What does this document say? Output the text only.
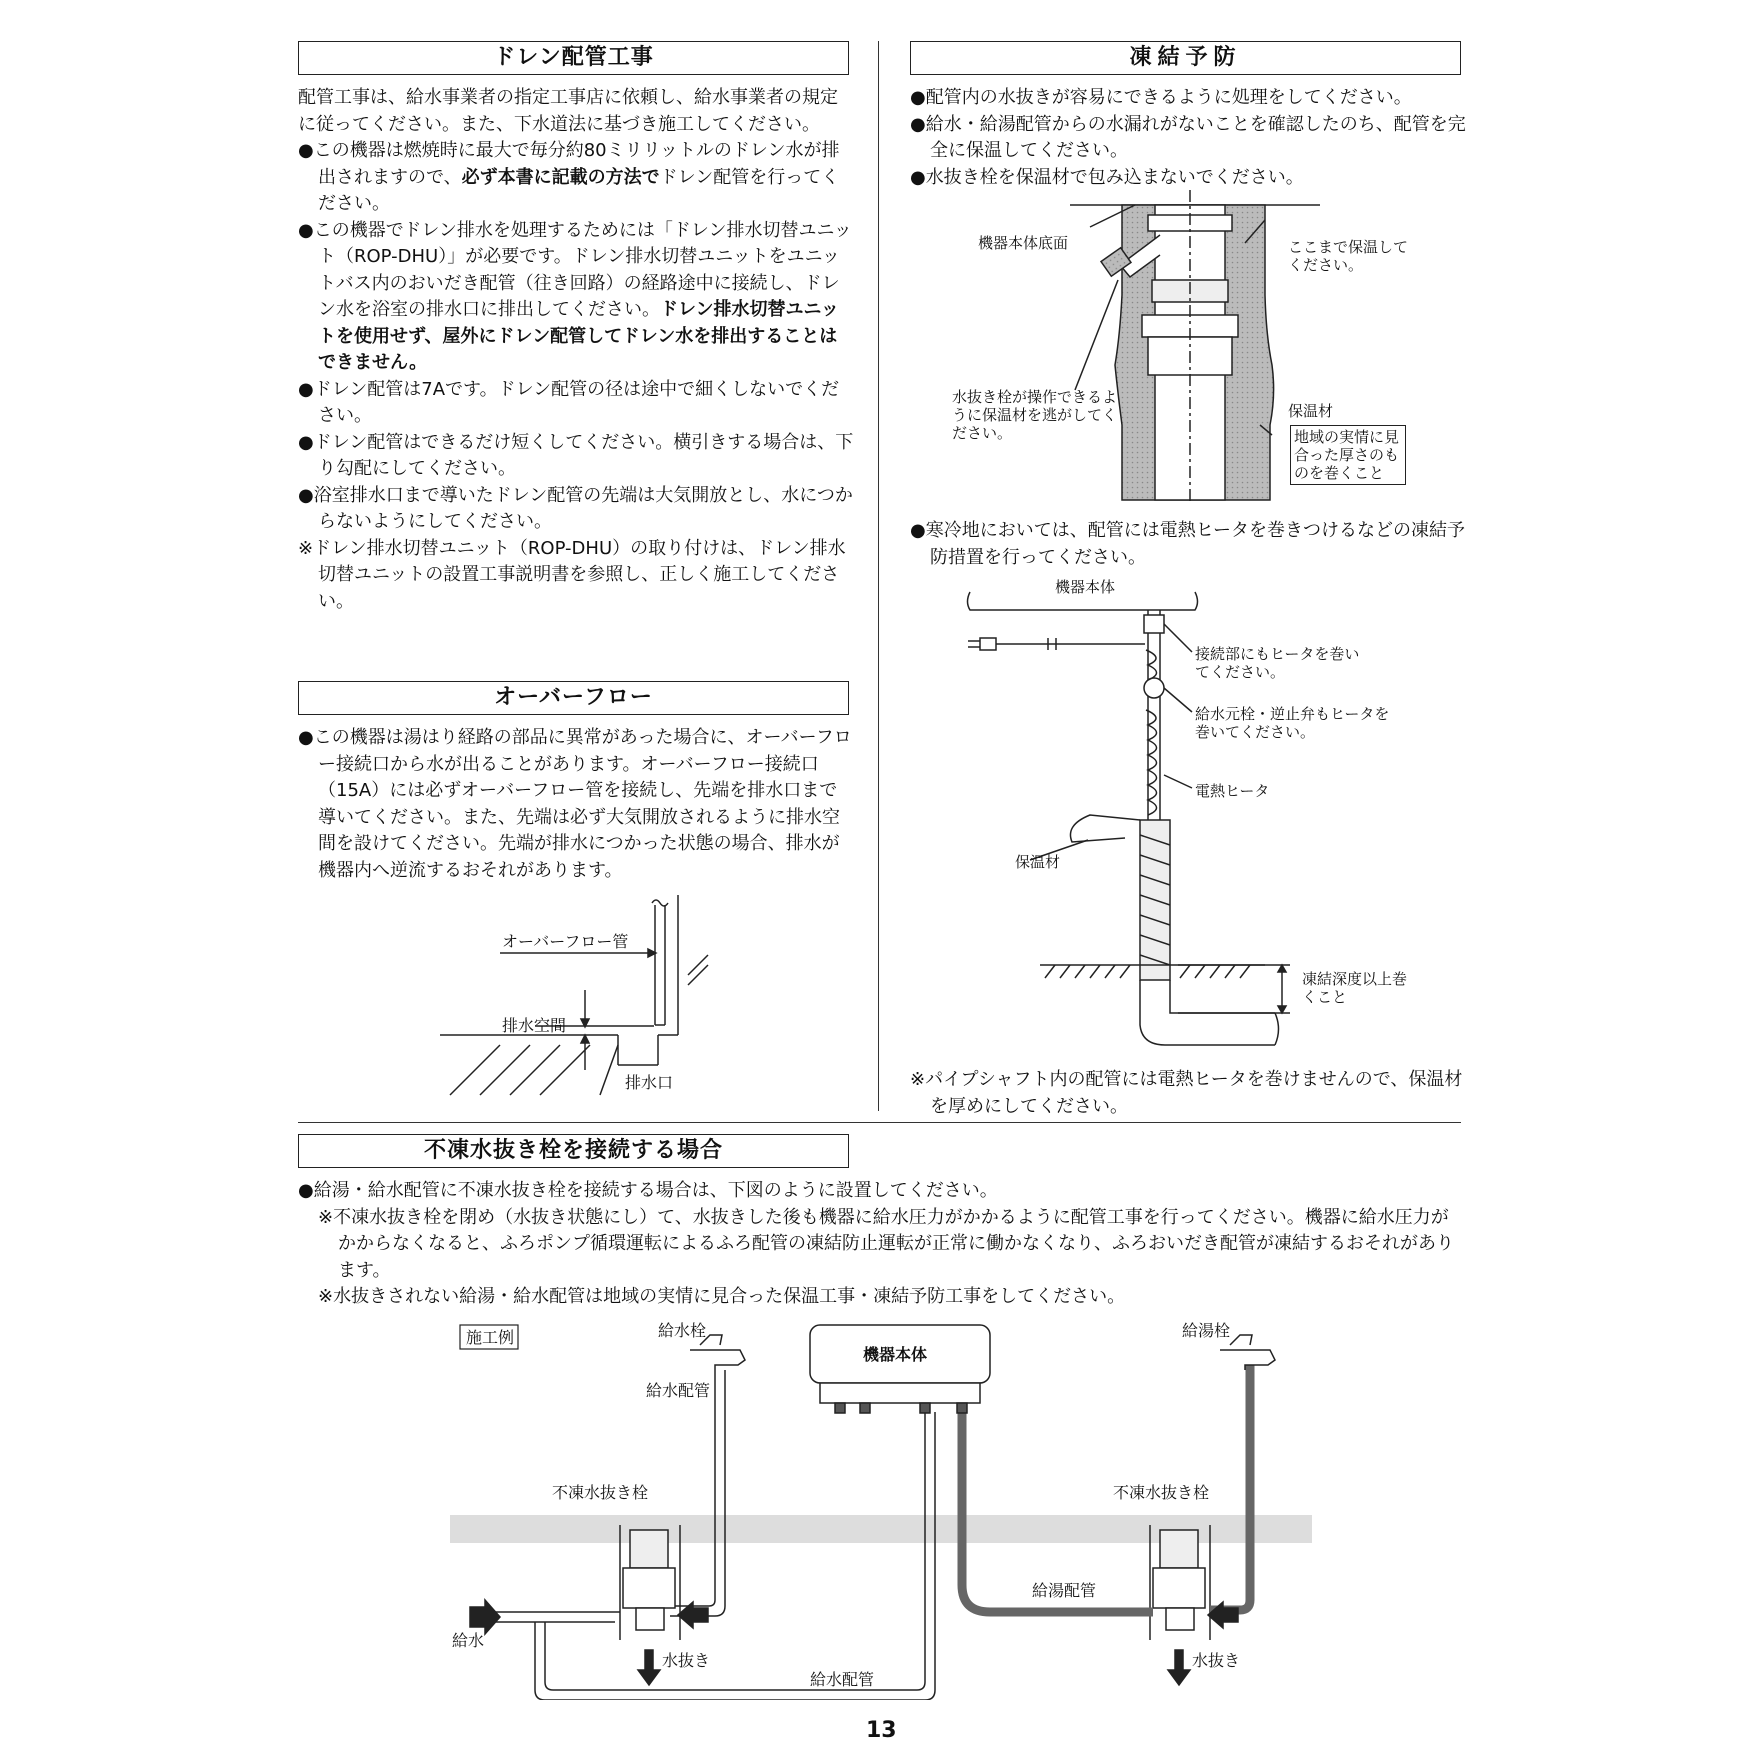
ドレン配管工事

配管工事は、給水事業者の指定工事店に依頼し、給水事業者の規定に従ってください。また、下水道法に基づき施工してください。

●この機器は燃焼時に最大で毎分約80ミリリットルのドレン水が排出されますので、必ず本書に記載の方法でドレン配管を行ってください。

●この機器でドレン排水を処理するためには「ドレン排水切替ユニット（ROP-DHU）」が必要です。ドレン排水切替ユニットをユニットバス内のおいだき配管（往き回路）の経路途中に接続し、ドレン水を浴室の排水口に排出してください。ドレン排水切替ユニットを使用せず、屋外にドレン配管してドレン水を排出することはできません。

●ドレン配管は7Aです。ドレン配管の径は途中で細くしないでください。

●ドレン配管はできるだけ短くしてください。横引きする場合は、下り勾配にしてください。

●浴室排水口まで導いたドレン配管の先端は大気開放とし、水につからないようにしてください。

※ドレン排水切替ユニット（ROP-DHU）の取り付けは、ドレン排水切替ユニットの設置工事説明書を参照し、正しく施工してください。

オーバーフロー

●この機器は湯はり経路の部品に異常があった場合に、オーバーフロー接続口から水が出ることがあります。オーバーフロー接続口（15A）には必ずオーバーフロー管を接続し、先端を排水口まで導いてください。また、先端は必ず大気開放されるように排水空間を設けてください。先端が排水につかった状態の場合、排水が機器内へ逆流するおそれがあります。

オーバーフロー管
排水空間
排水口
凍結予防

●配管内の水抜きが容易にできるように処理をしてください。

●給水・給湯配管からの水漏れがないことを確認したのち、配管を完全に保温してください。

●水抜き栓を保温材で包み込まないでください。

機器本体底面	ここまで保温してください。
水抜き栓が操作できるように保温材を逃がしてください。
保温材
地域の実情に見合った厚さのものを巻くこと

●寒冷地においては、配管には電熱ヒータを巻きつけるなどの凍結予防措置を行ってください。

機器本体
接続部にもヒータを巻いてください。
給水元栓・逆止弁もヒータを巻いてください。
電熱ヒータ
保温材
凍結深度以上巻くこと

※パイプシャフト内の配管には電熱ヒータを巻けませんので、保温材を厚めにしてください。

不凍水抜き栓を接続する場合

●給湯・給水配管に不凍水抜き栓を接続する場合は、下図のように設置してください。

※不凍水抜き栓を閉め（水抜き状態にし）て、水抜きした後も機器に給水圧力がかかるように配管工事を行ってください。機器に給水圧力がかからなくなると、ふろポンプ循環運転によるふろ配管の凍結防止運転が正常に働かなくなり、ふろおいだき配管が凍結するおそれがあります。

※水抜きされない給湯・給水配管は地域の実情に見合った保温工事・凍結予防工事をしてください。

施工例	給水栓
給水配管
機器本体
給湯栓
不凍水抜き栓	不凍水抜き栓
給湯配管
給水
水抜き	水抜き
給水配管
13
